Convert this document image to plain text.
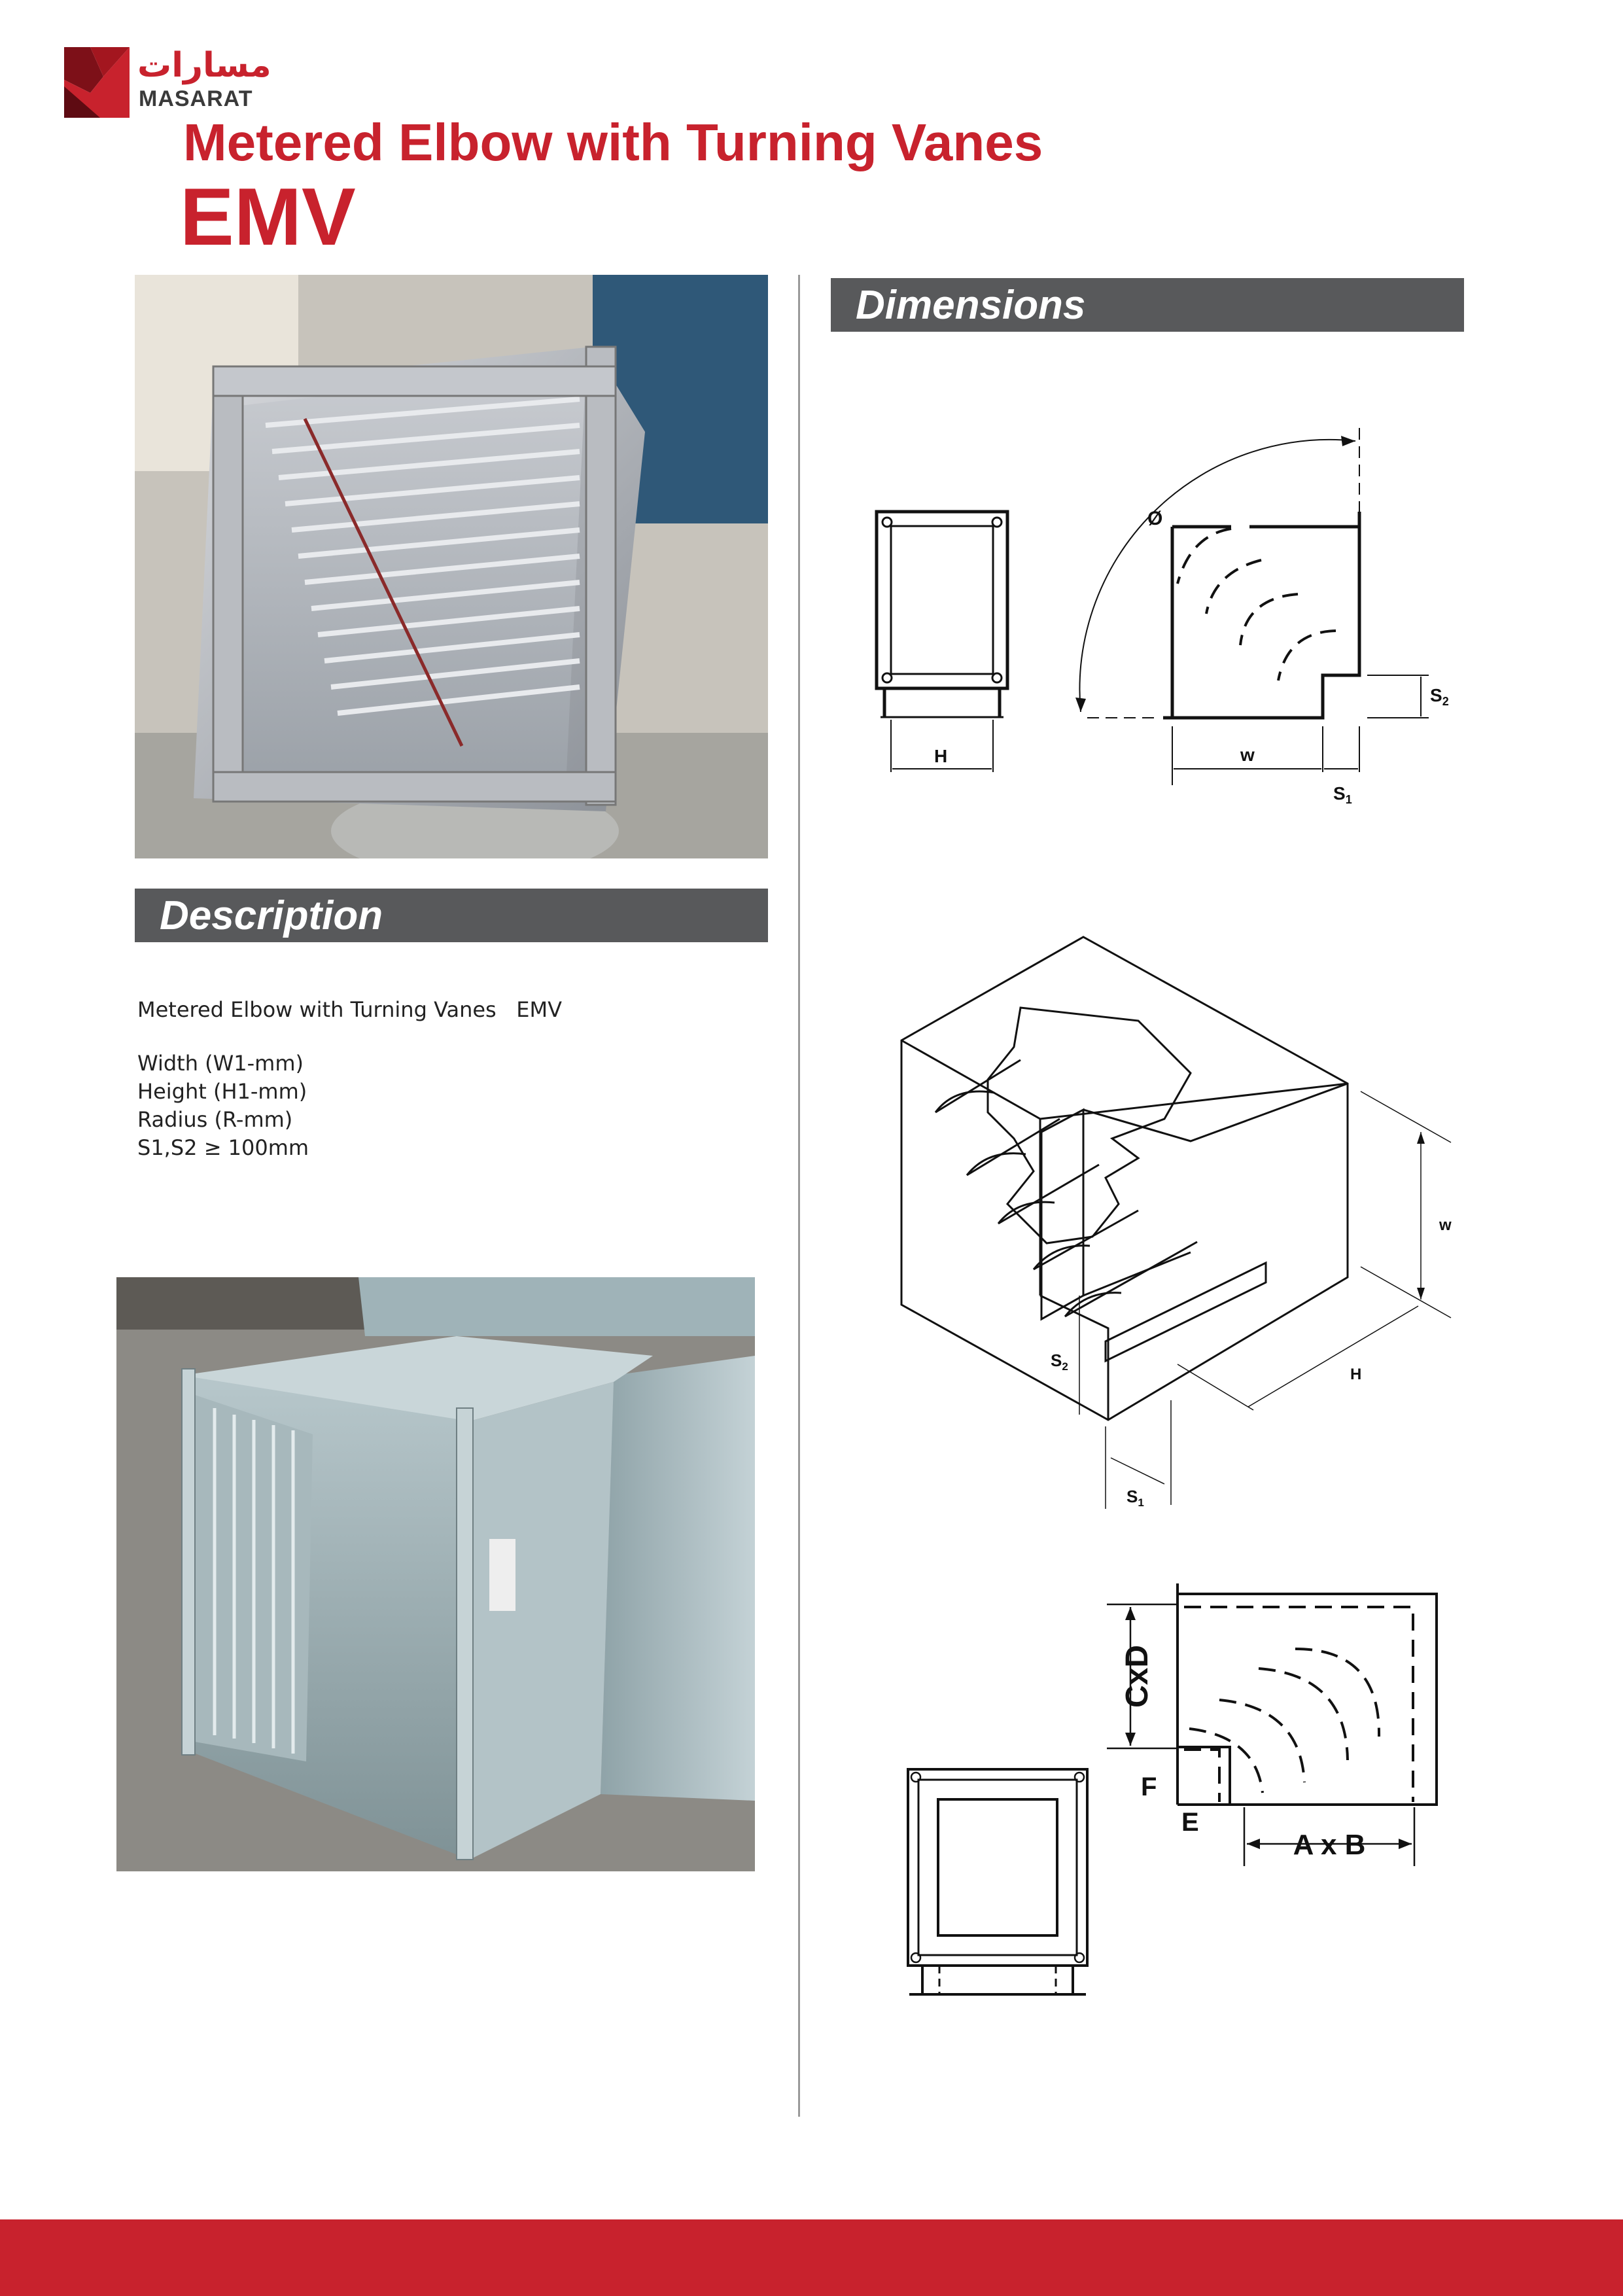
مسارات
MASARAT
Metered Elbow with Turning Vanes
EMV
Description
Metered Elbow with Turning Vanes   EMV
Width (W1-mm)
Height (H1-mm)
Radius (R-mm)
S1,S2 ≥ 100mm
Dimensions
H
Ø
w
$S_1$
$S_2$
w
H
$S_2$
$S_1$
CxD
A x B
F
E
